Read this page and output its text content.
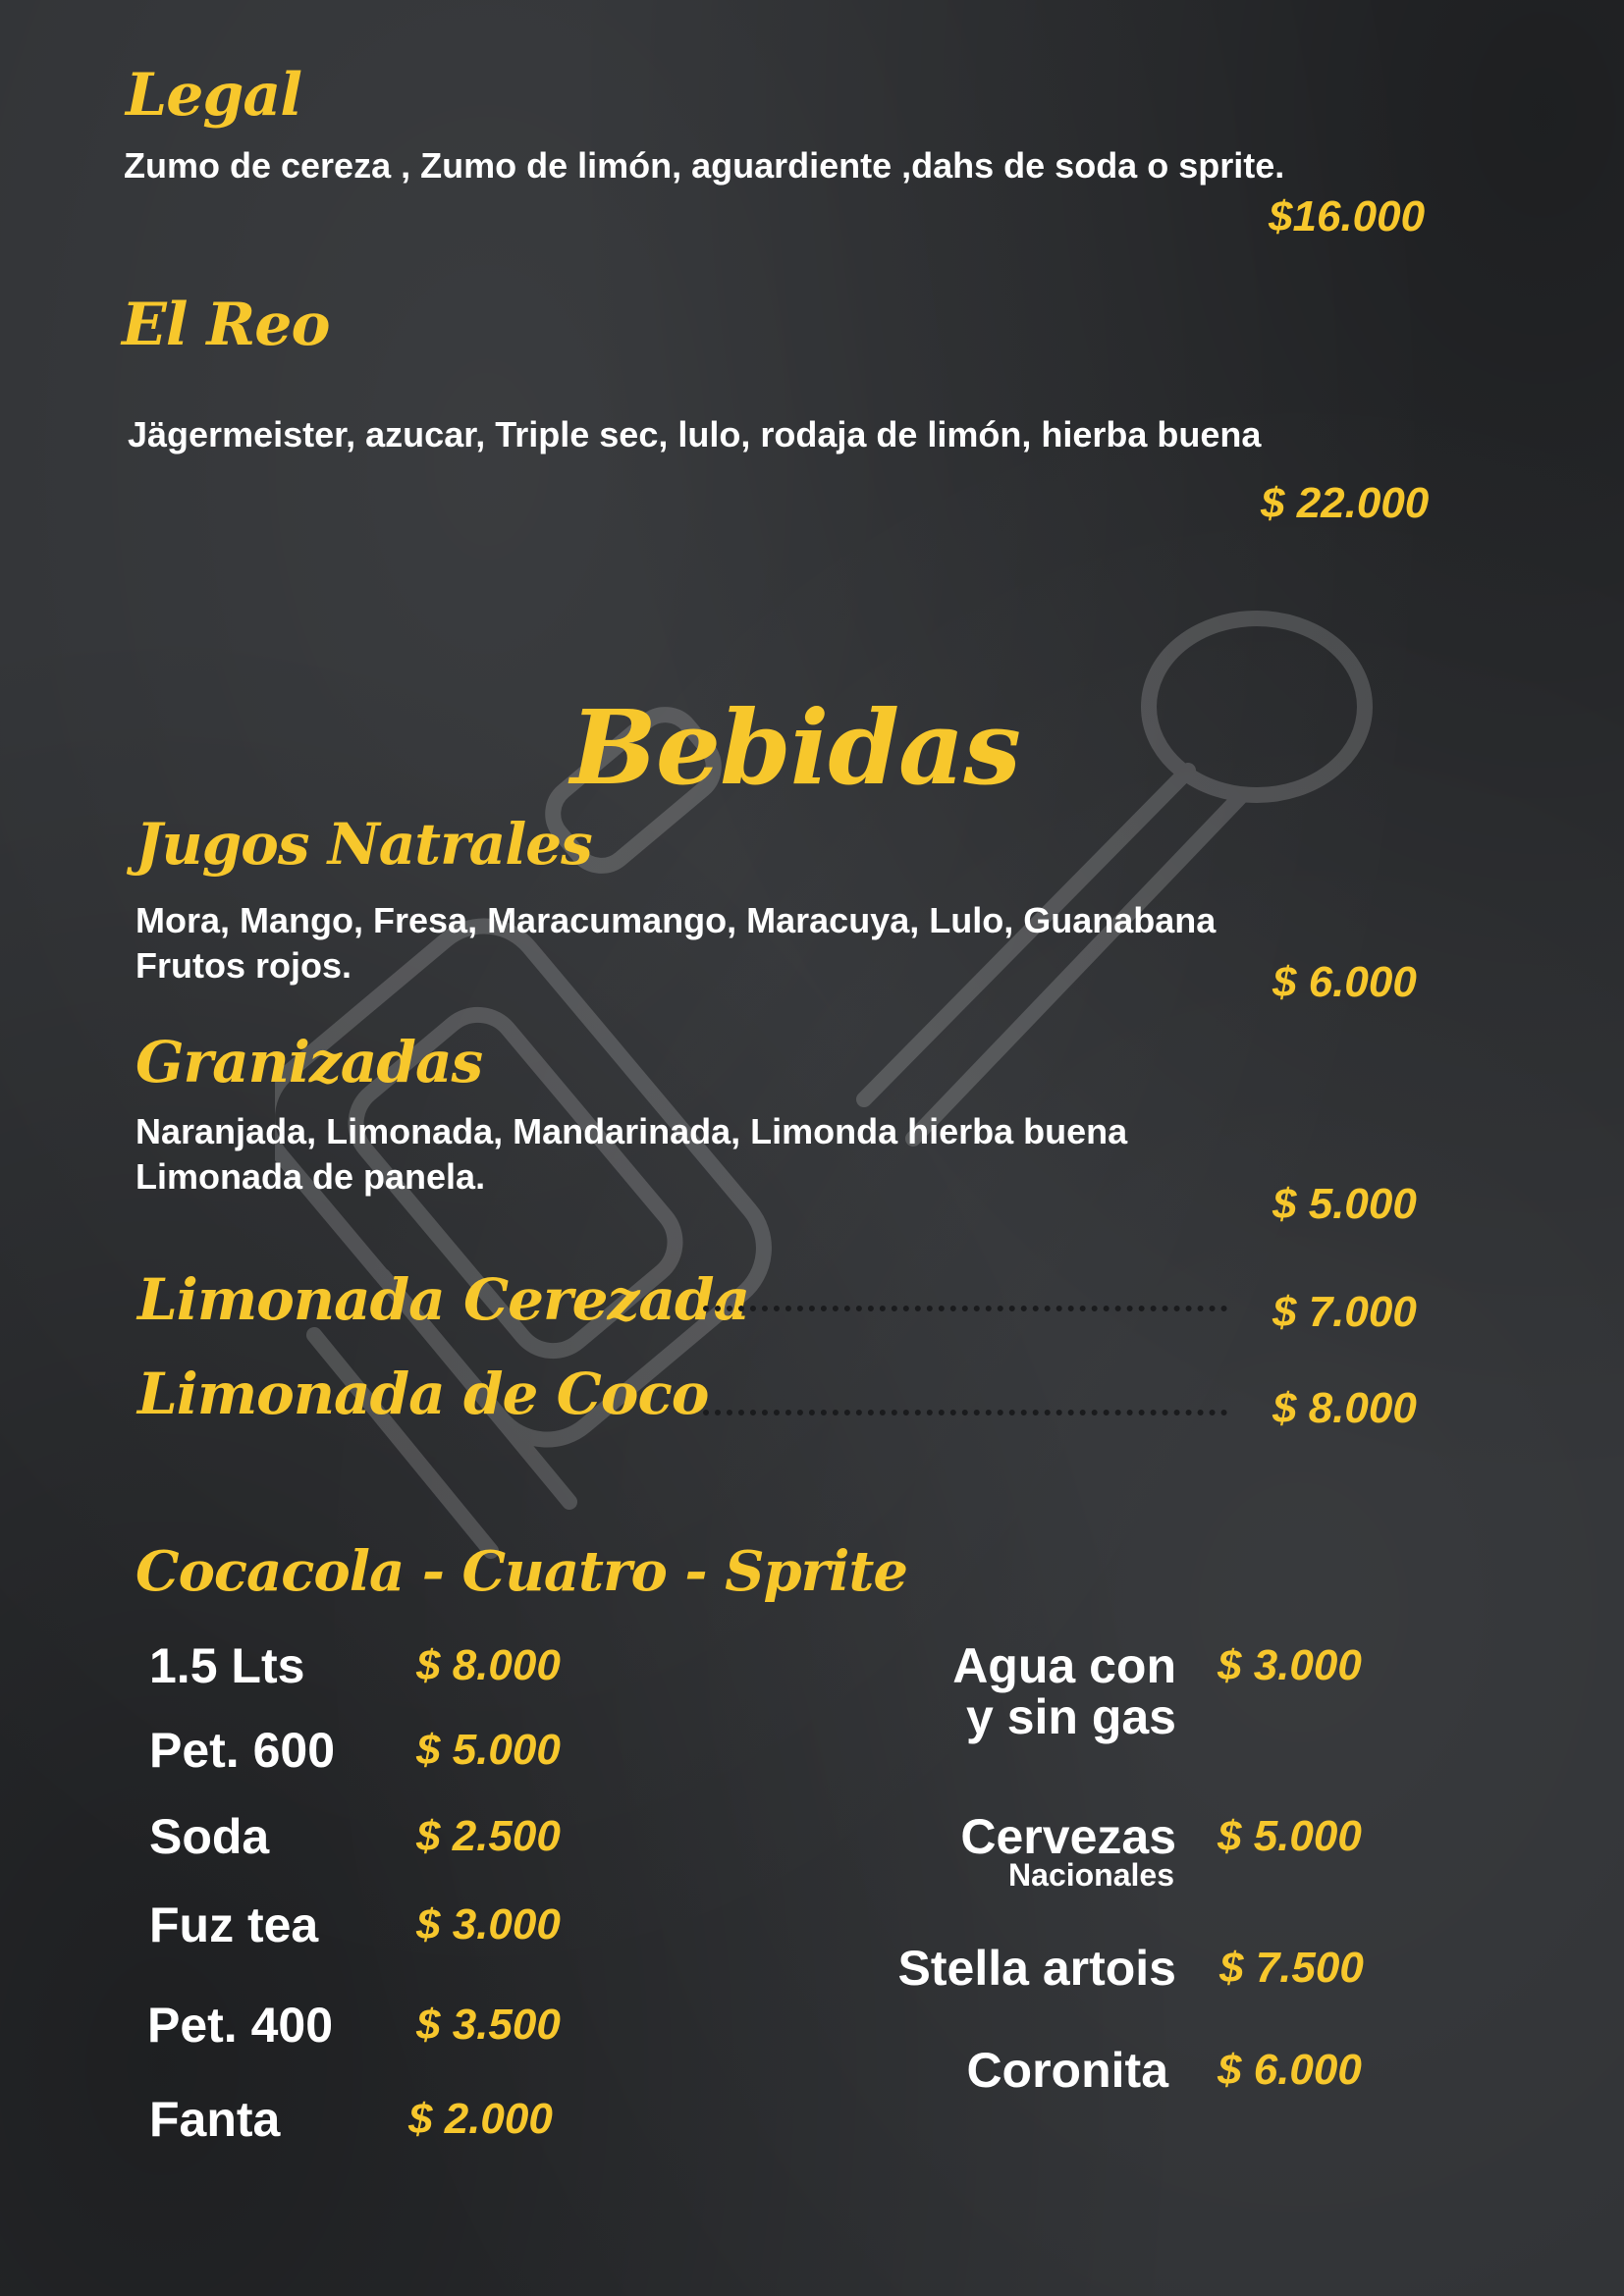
Legal
Zumo de cereza , Zumo de limón, aguardiente ,dahs de soda o sprite.
$16.000
El Reo
Jägermeister, azucar, Triple sec, lulo, rodaja de limón, hierba buena
$ 22.000
Bebidas
Jugos Natrales
Mora, Mango, Fresa, Maracumango, Maracuya, Lulo, Guanabana
Frutos rojos.	$ 6.000
Granizadas
Naranjada, Limonada, Mandarinada, Limonda hierba buena
Limonada de panela.
$ 5.000
Limonada Cerezada	$ 7.000
Limonada de Coco	$ 8.000
Cocacola - Cuatro - Sprite
1.5 Lts	$ 8.000
Pet. 600 $ 5.000
Soda	$ 2.500
Fuz tea $ 3.000
Pet. 400 $ 3.500
Fanta	$ 2.000
Agua con
y sin gas
$ 3.000
Cervezas
Nacionales
$ 5.000
Stella artois $ 7.500
Coronita $ 6.000
